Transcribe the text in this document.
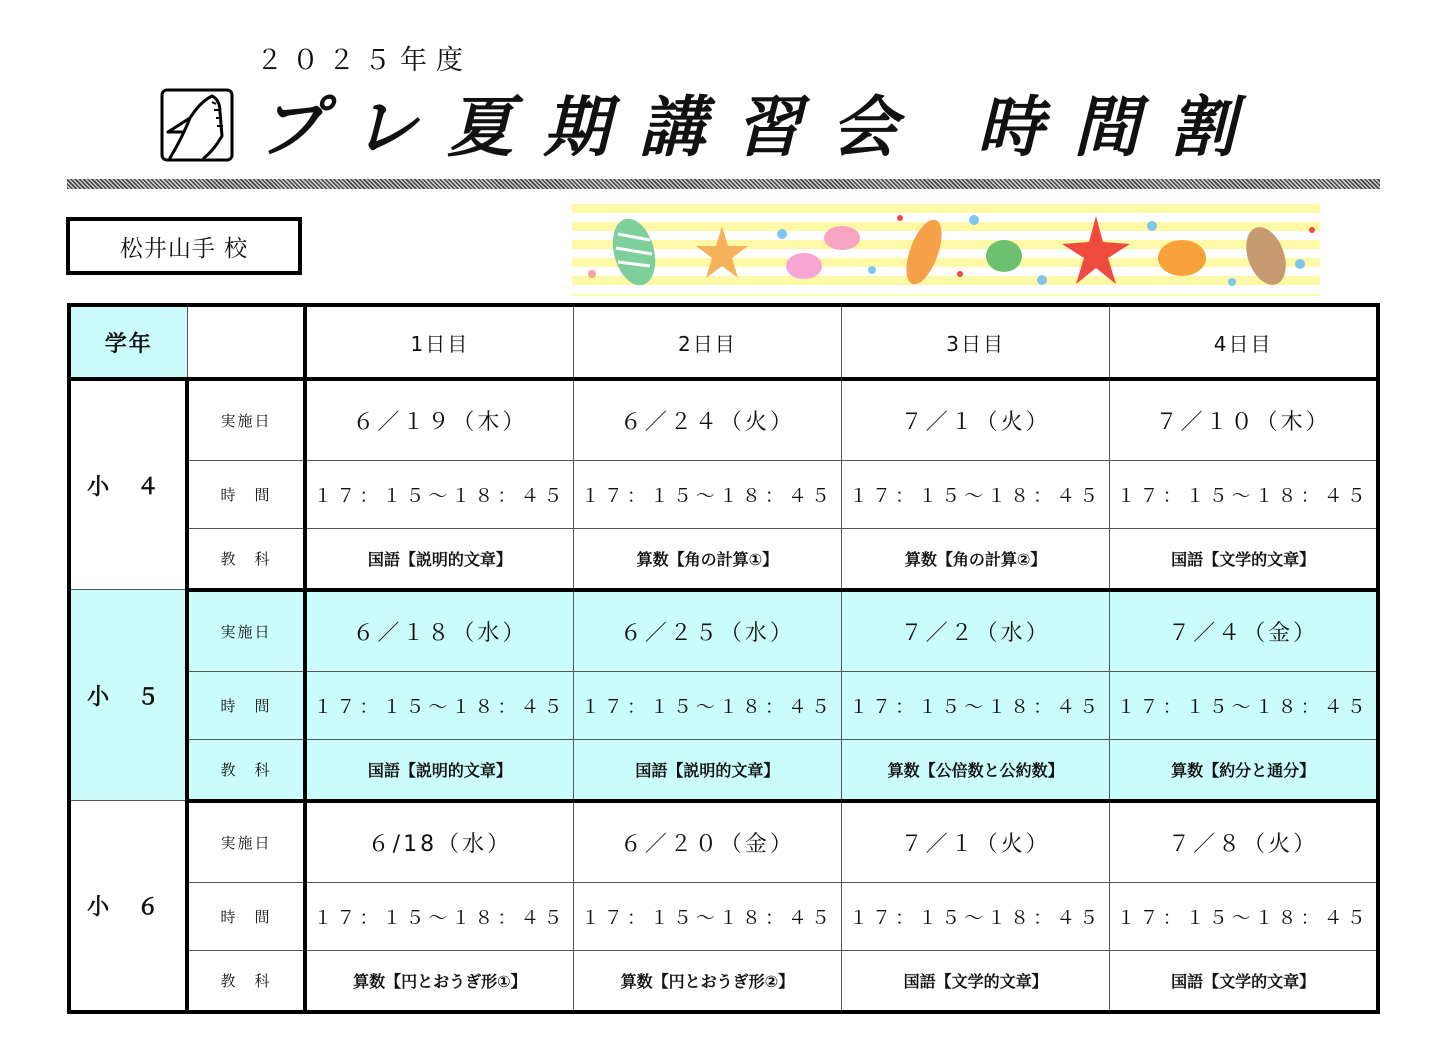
２０２５年度
プレ夏期講習会 時間割
松井山手 校
学年		1日目	2日目	3日目	4日目
小 ４	実施日	６／１９（木）	６／２４（火）	７／１（火）	７／１０（木）
	時　間	１７：１５～１８：４５	１７：１５～１８：４５	１７：１５～１８：４５	１７：１５～１８：４５
	教　科	国語【説明的文章】	算数【角の計算①】	算数【角の計算②】	国語【文学的文章】
小 ５	実施日	６／１８（水）	６／２５（水）	７／２（水）	７／４（金）
	時　間	１７：１５～１８：４５	１７：１５～１８：４５	１７：１５～１８：４５	１７：１５～１８：４５
	教　科	国語【説明的文章】	国語【説明的文章】	算数【公倍数と公約数】	算数【約分と通分】
小 ６	実施日	６/18（水）	６／２０（金）	７／１（火）	７／８（火）
	時　間	１７：１５～１８：４５	１７：１５～１８：４５	１７：１５～１８：４５	１７：１５～１８：４５
	教　科	算数【円とおうぎ形①】	算数【円とおうぎ形②】	国語【文学的文章】	国語【文学的文章】
